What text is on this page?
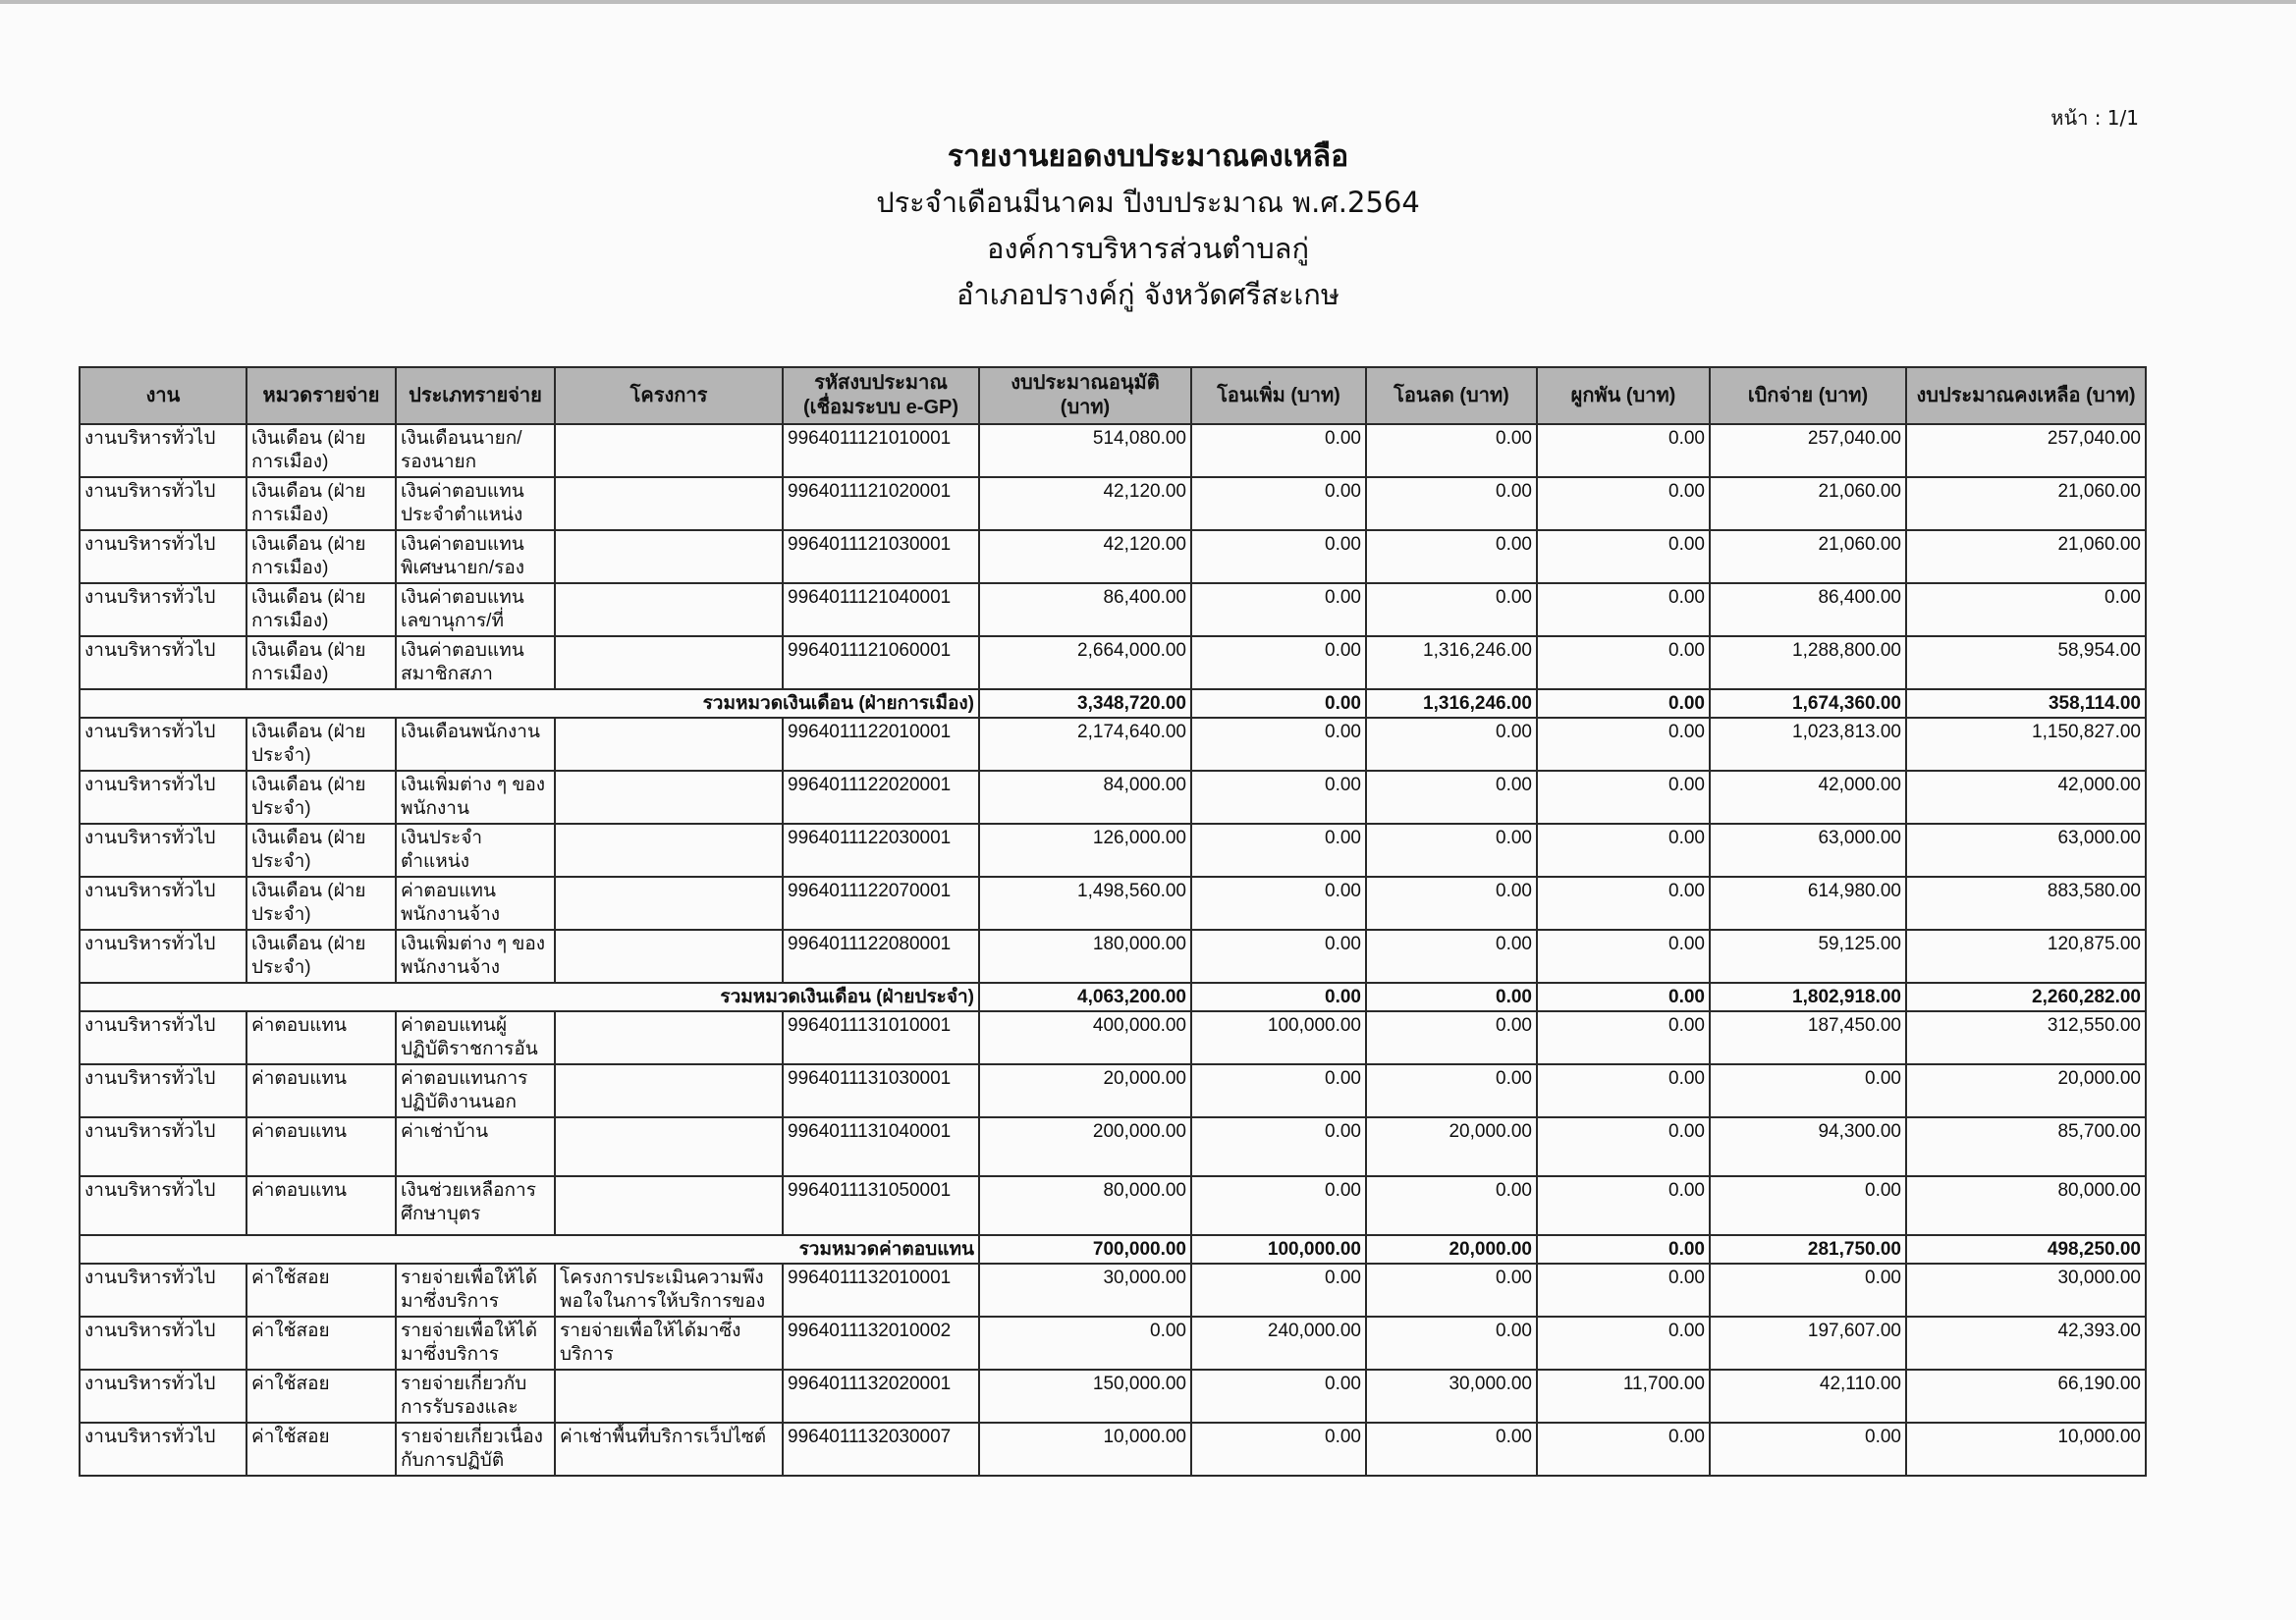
หน้า : 1/1
รายงานยอดงบประมาณคงเหลือ
ประจำเดือนมีนาคม ปีงบประมาณ พ.ศ.2564
องค์การบริหารส่วนตำบลกู่
อำเภอปรางค์กู่ จังหวัดศรีสะเกษ
งาน	หมวดรายจ่าย	ประเภทรายจ่าย	โครงการ	รหัสงบประมาณ (เชื่อมระบบ e-GP)	งบประมาณอนุมัติ (บาท)	โอนเพิ่ม (บาท)	โอนลด (บาท)	ผูกพัน (บาท)	เบิกจ่าย (บาท)	งบประมาณคงเหลือ (บาท)
งานบริหารทั่วไป	เงินเดือน (ฝ่ายการเมือง)	เงินเดือนนายก/รองนายก		9964011121010001	514,080.00	0.00	0.00	0.00	257,040.00	257,040.00
งานบริหารทั่วไป	เงินเดือน (ฝ่ายการเมือง)	เงินค่าตอบแทนประจำตำแหน่ง		9964011121020001	42,120.00	0.00	0.00	0.00	21,060.00	21,060.00
งานบริหารทั่วไป	เงินเดือน (ฝ่ายการเมือง)	เงินค่าตอบแทนพิเศษนายก/รอง		9964011121030001	42,120.00	0.00	0.00	0.00	21,060.00	21,060.00
งานบริหารทั่วไป	เงินเดือน (ฝ่ายการเมือง)	เงินค่าตอบแทนเลขานุการ/ที่		9964011121040001	86,400.00	0.00	0.00	0.00	86,400.00	0.00
งานบริหารทั่วไป	เงินเดือน (ฝ่ายการเมือง)	เงินค่าตอบแทนสมาชิกสภา		9964011121060001	2,664,000.00	0.00	1,316,246.00	0.00	1,288,800.00	58,954.00
รวมหมวดเงินเดือน (ฝ่ายการเมือง)					3,348,720.00	0.00	1,316,246.00	0.00	1,674,360.00	358,114.00
งานบริหารทั่วไป	เงินเดือน (ฝ่ายประจำ)	เงินเดือนพนักงาน		9964011122010001	2,174,640.00	0.00	0.00	0.00	1,023,813.00	1,150,827.00
งานบริหารทั่วไป	เงินเดือน (ฝ่ายประจำ)	เงินเพิ่มต่าง ๆ ของพนักงาน		9964011122020001	84,000.00	0.00	0.00	0.00	42,000.00	42,000.00
งานบริหารทั่วไป	เงินเดือน (ฝ่ายประจำ)	เงินประจำตำแหน่ง		9964011122030001	126,000.00	0.00	0.00	0.00	63,000.00	63,000.00
งานบริหารทั่วไป	เงินเดือน (ฝ่ายประจำ)	ค่าตอบแทนพนักงานจ้าง		9964011122070001	1,498,560.00	0.00	0.00	0.00	614,980.00	883,580.00
งานบริหารทั่วไป	เงินเดือน (ฝ่ายประจำ)	เงินเพิ่มต่าง ๆ ของพนักงานจ้าง		9964011122080001	180,000.00	0.00	0.00	0.00	59,125.00	120,875.00
รวมหมวดเงินเดือน (ฝ่ายประจำ)					4,063,200.00	0.00	0.00	0.00	1,802,918.00	2,260,282.00
งานบริหารทั่วไป	ค่าตอบแทน	ค่าตอบแทนผู้ปฏิบัติราชการอัน		9964011131010001	400,000.00	100,000.00	0.00	0.00	187,450.00	312,550.00
งานบริหารทั่วไป	ค่าตอบแทน	ค่าตอบแทนการปฏิบัติงานนอก		9964011131030001	20,000.00	0.00	0.00	0.00	0.00	20,000.00
งานบริหารทั่วไป	ค่าตอบแทน	ค่าเช่าบ้าน		9964011131040001	200,000.00	0.00	20,000.00	0.00	94,300.00	85,700.00
งานบริหารทั่วไป	ค่าตอบแทน	เงินช่วยเหลือการศึกษาบุตร		9964011131050001	80,000.00	0.00	0.00	0.00	0.00	80,000.00
รวมหมวดค่าตอบแทน					700,000.00	100,000.00	20,000.00	0.00	281,750.00	498,250.00
งานบริหารทั่วไป	ค่าใช้สอย	รายจ่ายเพื่อให้ได้มาซึ่งบริการ	โครงการประเมินความพึงพอใจในการให้บริการของ	9964011132010001	30,000.00	0.00	0.00	0.00	0.00	30,000.00
งานบริหารทั่วไป	ค่าใช้สอย	รายจ่ายเพื่อให้ได้มาซึ่งบริการ	รายจ่ายเพื่อให้ได้มาซึ่งบริการ	9964011132010002	0.00	240,000.00	0.00	0.00	197,607.00	42,393.00
งานบริหารทั่วไป	ค่าใช้สอย	รายจ่ายเกี่ยวกับการรับรองและ		9964011132020001	150,000.00	0.00	30,000.00	11,700.00	42,110.00	66,190.00
งานบริหารทั่วไป	ค่าใช้สอย	รายจ่ายเกี่ยวเนื่องกับการปฏิบัติ	ค่าเช่าพื้นที่บริการเว็ปไซต์	9964011132030007	10,000.00	0.00	0.00	0.00	0.00	10,000.00
